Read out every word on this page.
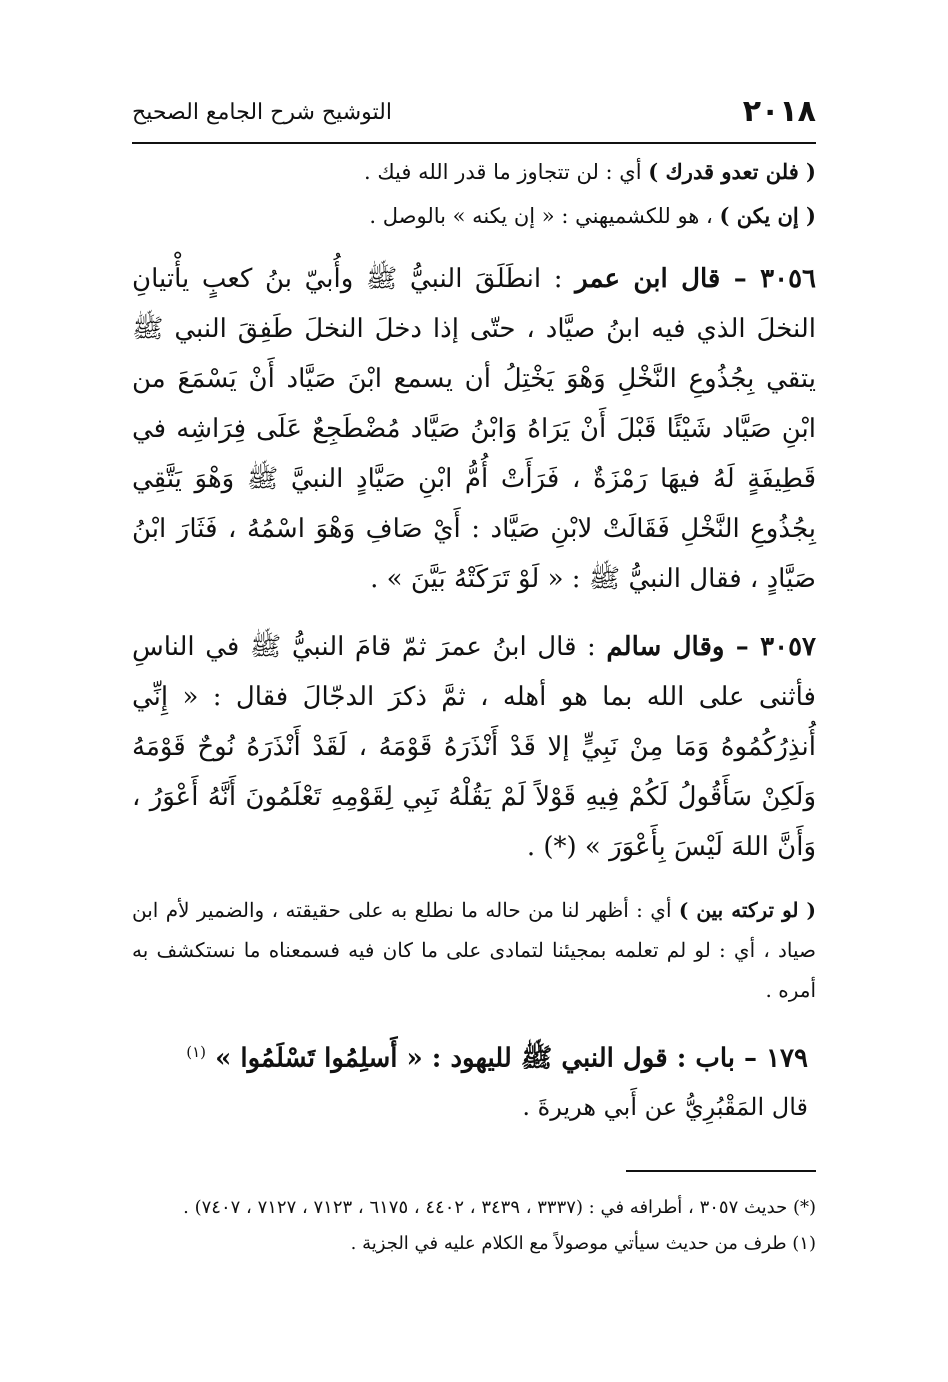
٢٠١٨
التوشيح شرح الجامع الصحيح

( فلن تعدو قدرك ) أي : لن تتجاوز ما قدر الله فيك .

( إن يكن ) ، هو للكشميهني : « إن يكنه » بالوصل .

٣٠٥٦ – قال ابن عمر : انطَلَقَ النبيُّ ﷺ وأُبيّ بنُ كعبٍ يأْتيانِ النخلَ الذي فيه ابنُ صيَّاد ، حتّى إذا دخلَ النخلَ طَفِقَ النبي ﷺ يتقي بِجُذُوعِ النَّخْلِ وَهْوَ يَخْتِلُ أن يسمع ابْنَ صَيَّاد أَنْ يَسْمَعَ من ابْنِ صَيَّاد شَيْئًا قَبْلَ أَنْ يَرَاهُ وَابْنُ صَيَّاد مُضْطَجِعٌ عَلَى فِرَاشِه في قَطِيفَةٍ لَهُ فيهَا رَمْزَةٌ ، فَرَأَتْ أُمُّ ابْنِ صَيَّادٍ النبيَّ ﷺ وَهْوَ يَتَّقِي بِجُذُوعِ النَّخْلِ فَقَالَتْ لابْنِ صَيَّاد : أَيْ صَافِ وَهْوَ اسْمُهُ ، فَثَارَ ابْنُ صَيَّادٍ ، فقال النبيُّ ﷺ : « لَوْ تَرَكَتْهُ بَيَّنَ » .

٣٠٥٧ – وقال سالم : قال ابنُ عمرَ ثمّ قامَ النبيُّ ﷺ في الناسِ فأثنى على الله بما هو أهله ، ثمَّ ذكرَ الدجّالَ فقال : « إِنِّي أُنذِرُكُمُوهُ وَمَا مِنْ نَبِيٍّ إلا قَدْ أَنْذَرَهُ قَوْمَهُ ، لَقَدْ أَنْذَرَهُ نُوحٌ قَوْمَهُ وَلَكِنْ سَأَقُولُ لَكُمْ فِيهِ قَوْلاً لَمْ يَقُلْهُ نَبِي لِقَوْمِهِ تَعْلَمُونَ أَنَّهُ أَعْوَرُ ، وَأَنَّ اللهَ لَيْسَ بِأَعْوَرَ » (*) .

( لو تركته بين ) أي : أظهر لنا من حاله ما نطلع به على حقيقته ، والضمير لأم ابن صياد ، أي : لو لم تعلمه بمجيئنا لتمادى على ما كان فيه فسمعناه ما نستكشف به أمره .

١٧٩ – باب : قول النبي ﷺ لليهود : « أَسلِمُوا تَسْلَمُوا » $^{(١)}$

قال المَقْبُرِيُّ عن أَبي هريرةَ .

(*) حديث ٣٠٥٧ ، أطرافه في : (٣٣٣٧ ، ٣٤٣٩ ، ٤٤٠٢ ، ٦١٧٥ ، ٧١٢٣ ، ٧١٢٧ ، ٧٤٠٧) .

(١) طرف من حديث سيأتي موصولاً مع الكلام عليه في الجزية .
